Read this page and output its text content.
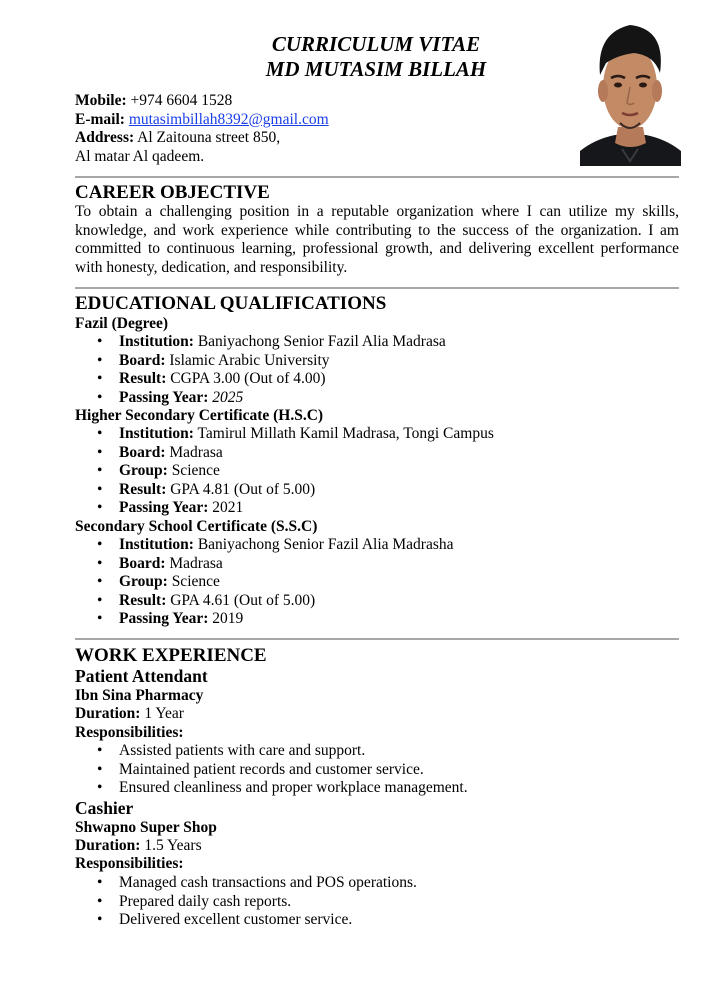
CURRICULUM VITAE
MD MUTASIM BILLAH
Mobile: +974 6604 1528
E-mail: mutasimbillah8392@gmail.com
Address: Al Zaitouna street 850,
Al matar Al qadeem.
CAREER OBJECTIVE
To obtain a challenging position in a reputable organization where I can utilize my skills, knowledge, and work experience while contributing to the success of the organization. I am committed to continuous learning, professional growth, and delivering excellent performance with honesty, dedication, and responsibility.
EDUCATIONAL QUALIFICATIONS
Fazil (Degree)
• Institution: Baniyachong Senior Fazil Alia Madrasa
• Board: Islamic Arabic University
• Result: CGPA 3.00 (Out of 4.00)
• Passing Year: 2025
Higher Secondary Certificate (H.S.C)
• Institution: Tamirul Millath Kamil Madrasa, Tongi Campus
• Board: Madrasa
• Group: Science
• Result: GPA 4.81 (Out of 5.00)
• Passing Year: 2021
Secondary School Certificate (S.S.C)
• Institution: Baniyachong Senior Fazil Alia Madrasha
• Board: Madrasa
• Group: Science
• Result: GPA 4.61 (Out of 5.00)
• Passing Year: 2019
WORK EXPERIENCE
Patient Attendant
Ibn Sina Pharmacy
Duration: 1 Year
Responsibilities:
• Assisted patients with care and support.
• Maintained patient records and customer service.
• Ensured cleanliness and proper workplace management.
Cashier
Shwapno Super Shop
Duration: 1.5 Years
Responsibilities:
• Managed cash transactions and POS operations.
• Prepared daily cash reports.
• Delivered excellent customer service.
